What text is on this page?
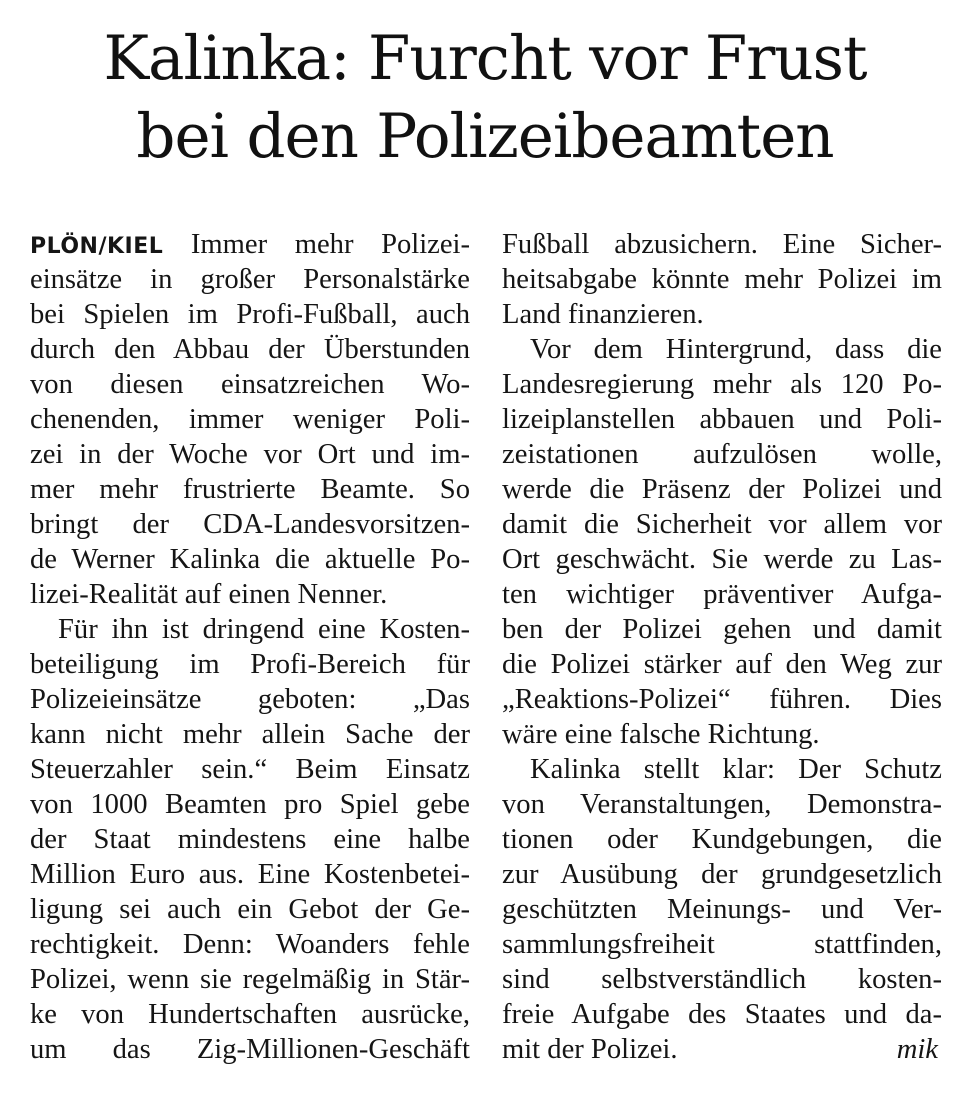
Kalinka: Furcht vor Frust
bei den Polizeibeamten
PLÖN/KIEL Immer mehr Polizei-
einsätze in großer Personalstärke
bei Spielen im Profi-Fußball, auch
durch den Abbau der Überstunden
von diesen einsatzreichen Wo-
chenenden, immer weniger Poli-
zei in der Woche vor Ort und im-
mer mehr frustrierte Beamte. So
bringt der CDA-Landesvorsitzen-
de Werner Kalinka die aktuelle Po-
lizei-Realität auf einen Nenner.
Für ihn ist dringend eine Kosten-
beteiligung im Profi-Bereich für
Polizeieinsätze geboten: „Das
kann nicht mehr allein Sache der
Steuerzahler sein.“ Beim Einsatz
von 1000 Beamten pro Spiel gebe
der Staat mindestens eine halbe
Million Euro aus. Eine Kostenbetei-
ligung sei auch ein Gebot der Ge-
rechtigkeit. Denn: Woanders fehle
Polizei, wenn sie regelmäßig in Stär-
ke von Hundertschaften ausrücke,
um das Zig-Millionen-Geschäft
Fußball abzusichern. Eine Sicher-
heitsabgabe könnte mehr Polizei im
Land finanzieren.
Vor dem Hintergrund, dass die
Landesregierung mehr als 120 Po-
lizeiplanstellen abbauen und Poli-
zeistationen aufzulösen wolle,
werde die Präsenz der Polizei und
damit die Sicherheit vor allem vor
Ort geschwächt. Sie werde zu Las-
ten wichtiger präventiver Aufga-
ben der Polizei gehen und damit
die Polizei stärker auf den Weg zur
„Reaktions-Polizei“ führen. Dies
wäre eine falsche Richtung.
Kalinka stellt klar: Der Schutz
von Veranstaltungen, Demonstra-
tionen oder Kundgebungen, die
zur Ausübung der grundgesetzlich
geschützten Meinungs- und Ver-
sammlungsfreiheit stattfinden,
sind selbstverständlich kosten-
freie Aufgabe des Staates und da-
mit der Polizei.	mik
